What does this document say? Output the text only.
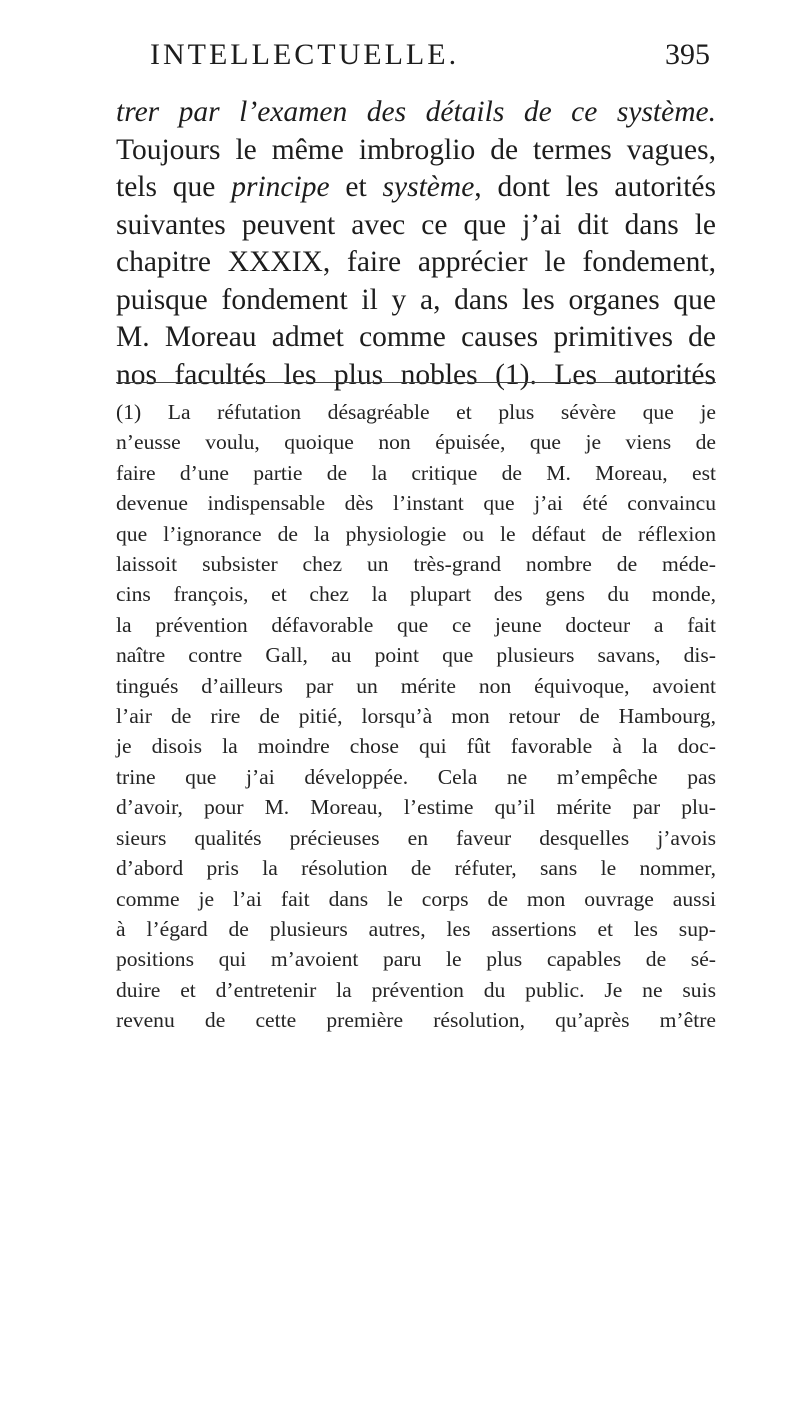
INTELLECTUELLE.	395
trer par l’examen des détails de ce système.
Toujours le même imbroglio de termes vagues,
tels que principe et système, dont les autorités
suivantes peuvent avec ce que j’ai dit dans le
chapitre XXXIX, faire apprécier le fondement,
puisque fondement il y a, dans les organes que
M. Moreau admet comme causes primitives de
nos facultés les plus nobles (1). Les autorités
(1) La réfutation désagréable et plus sévère que je
n’eusse voulu, quoique non épuisée, que je viens de
faire d’une partie de la critique de M. Moreau, est
devenue indispensable dès l’instant que j’ai été convaincu
que l’ignorance de la physiologie ou le défaut de réflexion
laissoit subsister chez un très-grand nombre de méde-
cins françois, et chez la plupart des gens du monde,
la prévention défavorable que ce jeune docteur a fait
naître contre Gall, au point que plusieurs savans, dis-
tingués d’ailleurs par un mérite non équivoque, avoient
l’air de rire de pitié, lorsqu’à mon retour de Hambourg,
je disois la moindre chose qui fût favorable à la doc-
trine que j’ai développée. Cela ne m’empêche pas
d’avoir, pour M. Moreau, l’estime qu’il mérite par plu-
sieurs qualités précieuses en faveur desquelles j’avois
d’abord pris la résolution de réfuter, sans le nommer,
comme je l’ai fait dans le corps de mon ouvrage aussi
à l’égard de plusieurs autres, les assertions et les sup-
positions qui m’avoient paru le plus capables de sé-
duire et d’entretenir la prévention du public. Je ne suis
revenu de cette première résolution, qu’après m’être
